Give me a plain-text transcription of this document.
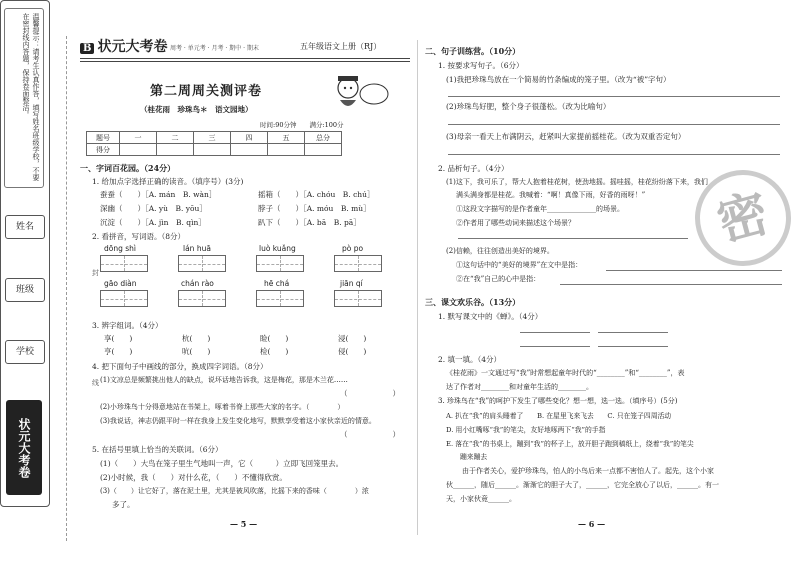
温馨提示：请考生认真作答，填写姓名班级学校，不要在密封线内答题，保持卷面整洁。
姓名
班级
学校
状元大考卷
封
线
B 状元大考卷 周考 · 单元考 · 月考 · 期中 · 期末	五年级语文上册（RJ）
第二周周关测评卷
（桂花雨　珍珠鸟＊　语文园地）
时间:90分钟　　满分:100分
题号	一	二	三	四	五	总分
得分						
一、字词百花园。（24分）
1. 给加点字选择正确的读音。（填序号）(3分)
蚕蚕（　　）［A. mán　B. wàn］	摇箱（　　）［A. chóu　B. chú］
深幽（　　）［A. yù　B. yōu］	脖子（　　）［A. móu　B. mù］
沉淀（　　）［A. jìn　B. qìn］	趴下（　　）［A. bā　B. pā］
2. 看拼音，写词语。（8分）
dōng shì	lán huā	luò kuǎng	pò po
gāo diàn	chán rào	hē chá	jiān qí
3. 辨字组词。（4分）
享(　　)	杭(　　)	睑(　　)	浸(　　)
亨(　　)	吭(　　)	检(　　)	侵(　　)
4. 把下面句子中画线的部分，换成四字词语。（8分）
(1)文凉总是频繁挑出他人的缺点，说坏话地告诉我，这是梅花，那是木兰花……
（　　　　　　）
(2)小珍珠鸟十分得意地站在书架上，啄着书脊上那些大家的名字。（　　　　）
(3)我说话，神志仍跟平时一样在我身上发生变化地写，默默享受着这小家伙亲近的情意。
（　　　　　　）
5. 在括号里填上恰当的关联词。（6分）
(1)（　　）大鸟在笼子里生气地叫一声，它（　　　）立即飞回笼里去。
(2)小时候，我（　　）对什么花，（　　）不懂得欣赏。
(3)（　　）让它好了，落在泥土里，尤其是被风吹落，比摇下来的香味（　　　　）浓
多了。
— 5 —
二、句子训练营。（10分）
1. 按要求写句子。（6分）
(1)我把珍珠鸟放在一个简易的竹条编成的笼子里。（改为“被”字句）
(2)珍珠鸟好肥，整个身子很蓬松。（改为比喻句）
(3)母亲一看天上布满阴云，赶紧叫大家提前摇桂花。（改为双重否定句）
2. 品析句子。（4分）
(1)这下，我可乐了，帮大人抱着桂花树，使劲地摇。摇哇摇，桂花纷纷落下来，我们
满头满身都是桂花。我喊着：“啊！真像下雨，好香的雨呀！”
①这段文字描写的是作者童年______________的场景。
②作者用了哪些动词来描述这个场景？
(2)信赖，往往创造出美好的境界。
①这句话中的“美好的境界”在文中是指：
②在“我”自己的心中是指：
密
三、课文欢乐谷。（13分）
1. 默写课文中的《蝉》。（4分）
2. 填一填。（4分）
《桂花雨》一文通过写“我”时常想起童年时代的“________”和“________”，表
达了作者对________和对童年生活的________。
3. 珍珠鸟在“我”的呵护下发生了哪些变化？想一想，选一选。（填序号）(5分)
A. 扒在“我”的肩头睡着了　　B. 在屋里飞来飞去　　C. 只在笼子四周活动
D. 用小红嘴啄“我”的笔尖，友好地啄两下“我”的手指
E. 落在“我”的书桌上，蹦到“我”的杯子上，放开胆子跑到稿纸上，绕着“我”的笔尖
蹦来蹦去
由于作者关心，爱护珍珠鸟，怕人的小鸟后来一点都不害怕人了。起先，这个小家
伙______，随后______。渐渐它的胆子大了，______，它完全放心了以后，______。有一
天，小家伙竟______。
— 6 —
